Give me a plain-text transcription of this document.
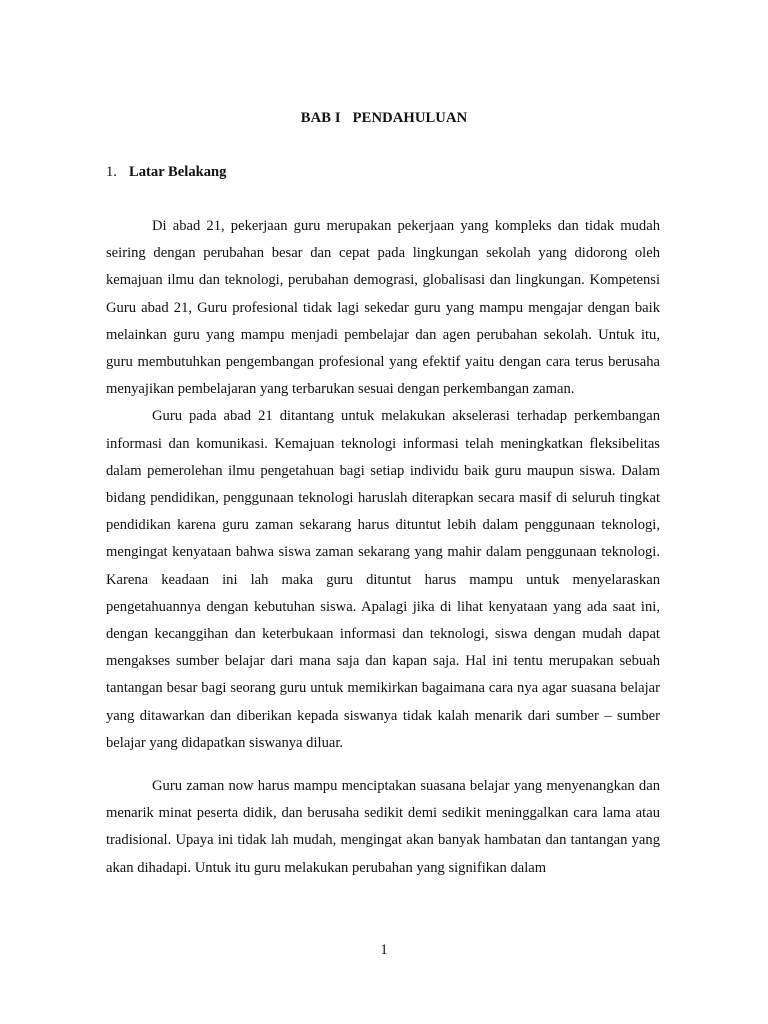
BAB I PENDAHULUAN
1. Latar Belakang

Di abad 21, pekerjaan guru merupakan pekerjaan yang kompleks dan tidak mudah seiring dengan perubahan besar dan cepat pada lingkungan sekolah yang didorong oleh kemajuan ilmu dan teknologi, perubahan demograsi, globalisasi dan lingkungan. Kompetensi Guru abad 21, Guru profesional tidak lagi sekedar guru yang mampu mengajar dengan baik melainkan guru yang mampu menjadi pembelajar dan agen perubahan sekolah. Untuk itu, guru membutuhkan pengembangan profesional yang efektif yaitu dengan cara terus berusaha menyajikan pembelajaran yang terbarukan sesuai dengan perkembangan zaman.

Guru pada abad 21 ditantang untuk melakukan akselerasi terhadap perkembangan informasi dan komunikasi. Kemajuan teknologi informasi telah meningkatkan fleksibelitas dalam pemerolehan ilmu pengetahuan bagi setiap individu baik guru maupun siswa. Dalam bidang pendidikan, penggunaan teknologi haruslah diterapkan secara masif di seluruh tingkat pendidikan karena guru zaman sekarang harus dituntut lebih dalam penggunaan teknologi, mengingat kenyataan bahwa siswa zaman sekarang yang mahir dalam penggunaan teknologi. Karena keadaan ini lah maka guru dituntut harus mampu untuk menyelaraskan pengetahuannya dengan kebutuhan siswa. Apalagi jika di lihat kenyataan yang ada saat ini, dengan kecanggihan dan keterbukaan informasi dan teknologi, siswa dengan mudah dapat mengakses sumber belajar dari mana saja dan kapan saja. Hal ini tentu merupakan sebuah tantangan besar bagi seorang guru untuk memikirkan bagaimana cara nya agar suasana belajar yang ditawarkan dan diberikan kepada siswanya tidak kalah menarik dari sumber – sumber belajar yang didapatkan siswanya diluar.

Guru zaman now harus mampu menciptakan suasana belajar yang menyenangkan dan menarik minat peserta didik, dan berusaha sedikit demi sedikit meninggalkan cara lama atau tradisional. Upaya ini tidak lah mudah, mengingat akan banyak hambatan dan tantangan yang akan dihadapi. Untuk itu guru melakukan perubahan yang signifikan dalam

1
